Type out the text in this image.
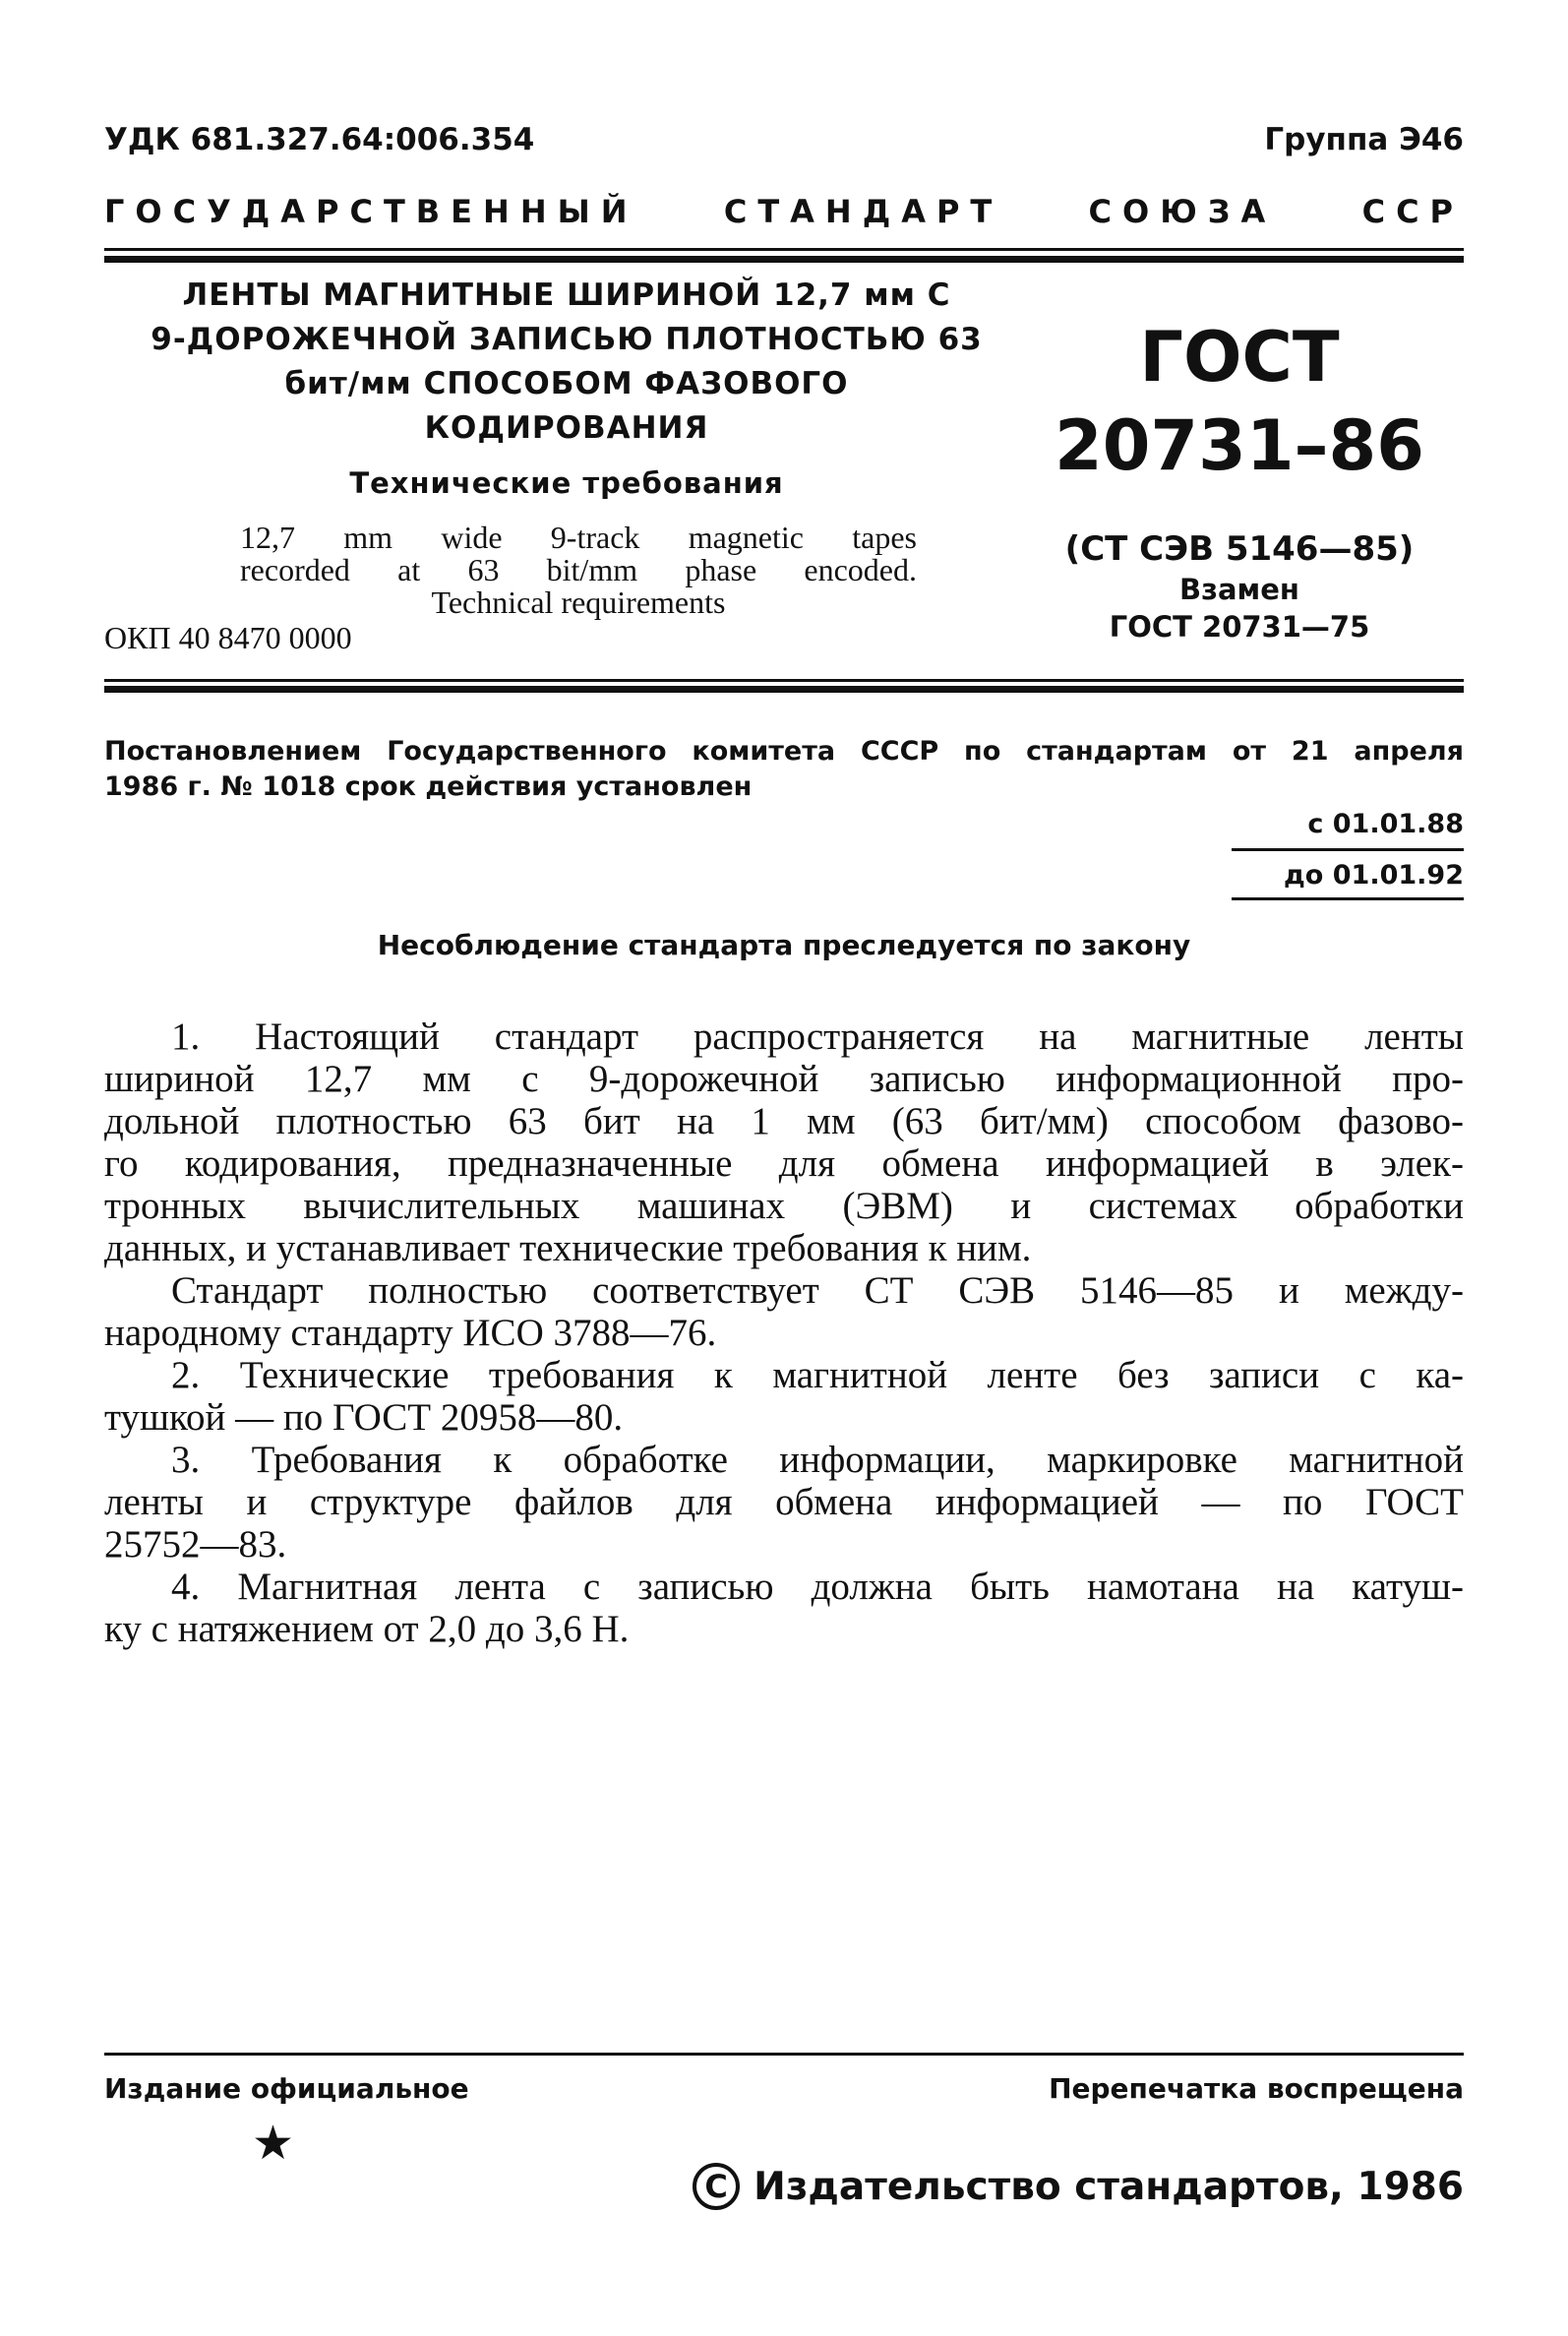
УДК 681.327.64:006.354	Группа Э46
ГОСУДАРСТВЕННЫЙ	СТАНДАРТ	СОЮЗА	ССР
ЛЕНТЫ МАГНИТНЫЕ ШИРИНОЙ 12,7 мм С
9-ДОРОЖЕЧНОЙ ЗАПИСЬЮ ПЛОТНОСТЬЮ 63
бит/мм СПОСОБОМ ФАЗОВОГО
КОДИРОВАНИЯ
Технические требования
12,7 mm wide 9-track magnetic tapes
recorded at 63 bit/mm phase encoded.
Technical requirements
ОКП 40 8470 0000
ГОСТ
20731–86
(СТ СЭВ 5146—85)
Взамен
ГОСТ 20731—75
Постановлением Государственного комитета СССР по стандартам от 21 апреля
1986 г. № 1018 срок действия установлен
с 01.01.88
до 01.01.92
Несоблюдение стандарта преследуется по закону
1. Настоящий стандарт распространяется на магнитные ленты
шириной 12,7 мм с 9-дорожечной записью информационной про-
дольной плотностью 63 бит на 1 мм (63 бит/мм) способом фазово-
го кодирования, предназначенные для обмена информацией в элек-
тронных вычислительных машинах (ЭВМ) и системах обработки
данных, и устанавливает технические требования к ним.
Стандарт полностью соответствует СТ СЭВ 5146—85 и между-
народному стандарту ИСО 3788—76.
2. Технические требования к магнитной ленте без записи с ка-
тушкой — по ГОСТ 20958—80.
3. Требования к обработке информации, маркировке магнитной
ленты и структуре файлов для обмена информацией — по ГОСТ
25752—83.
4. Магнитная лента с записью должна быть намотана на катуш-
ку с натяжением от 2,0 до 3,6 Н.
Издание официальное	Перепечатка воспрещена
★
C Издательство стандартов, 1986
